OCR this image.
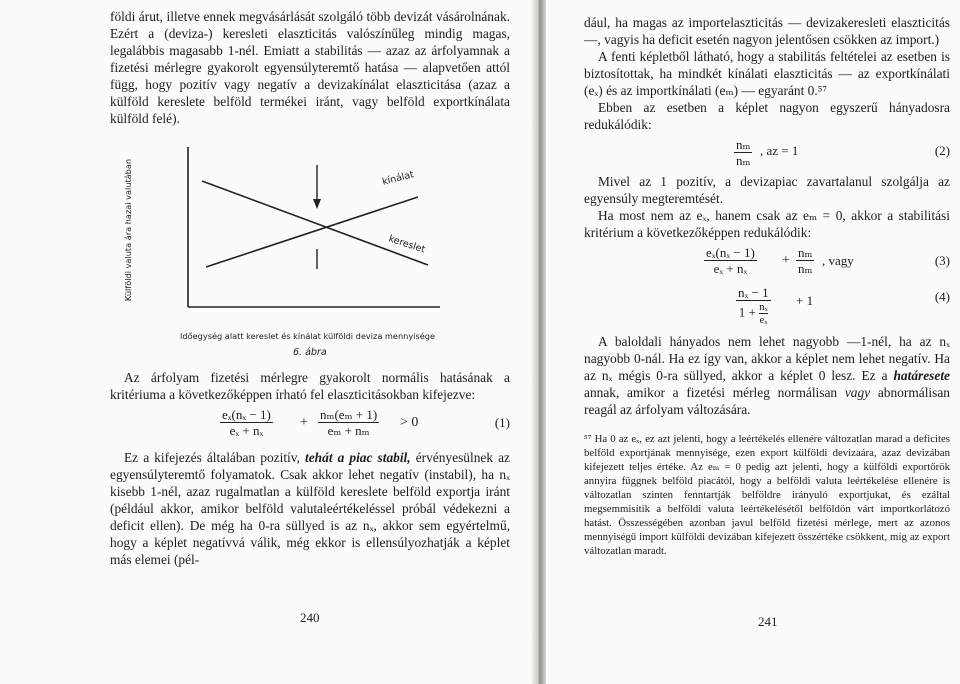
földi árut, illetve ennek megvásárlását szolgáló több devizát vásárolnának. Ezért a (deviza-) keresleti elaszticitás valószínűleg mindig magas, legalábbis magasabb 1-nél. Emiatt a stabilitás — azaz az árfolyamnak a fizetési mérlegre gyakorolt egyensúlyteremtő hatása — alapvetően attól függ, hogy pozitív vagy negatív a devizakínálat elaszticitása (azaz a külföld kereslete belföld termékei iránt, vagy belföld exportkínálata külföld felé).

Külföldi valuta ára hazai valutában	kínálat
kereslet
Időegység alatt kereslet és kínálat külföldi deviza mennyisége
6. ábra

Az árfolyam fizetési mérlegre gyakorolt normális hatásának a kritériuma a következőképpen írható fel elaszticitásokban kifejezve:

$\frac{\text{eₓ(nₓ − 1)}}{\text{eₓ + nₓ}} + \frac{\text{nₘ(eₘ + 1)}}{\text{eₘ + nₘ}} > 0$	(1)

Ez a kifejezés általában pozitív, tehát a piac stabil, érvényesülnek az egyensúlyteremtő folyamatok. Csak akkor lehet negatív (instabil), ha nₓ kisebb 1-nél, azaz rugalmatlan a külföld kereslete belföld exportja iránt (például akkor, amikor belföld valutaleértékeléssel próbál védekezni a deficit ellen). De még ha 0-ra süllyed is az nₓ, akkor sem egyértelmű, hogy a képlet negatívvá válik, még ekkor is ellensúlyozhatják a képlet más elemei (pél-

240

dául, ha magas az importelaszticitás — devizakeresleti elaszticitás —, vagyis ha deficit esetén nagyon jelentősen csökken az import.)

A fenti képletből látható, hogy a stabilitás feltételei az esetben is biztosítottak, ha mindkét kínálati elaszticitás — az exportkínálati (eₓ) és az importkínálati (eₘ) — egyaránt 0.⁵⁷

Ebben az esetben a képlet nagyon egyszerű hányadosra redukálódik:

$\frac{\text{nₘ}}{\text{nₘ}}$ , az = 1	(2)

Mivel az 1 pozitív, a devizapiac zavartalanul szolgálja az egyensúly megteremtését.

Ha most nem az eₓ, hanem csak az eₘ = 0, akkor a stabilitási kritérium a következőképpen redukálódik:

$\frac{\text{eₓ(nₓ − 1)}}{\text{eₓ + nₓ}} + \frac{\text{nₘ}}{\text{nₘ}}$ , vagy	(3)
nₓ − 1
$1 + \frac{\text{nₓ}}{\text{eₓ}}$
+ 1	(4)

A baloldali hányados nem lehet nagyobb —1-nél, ha az nₓ nagyobb 0-nál. Ha ez így van, akkor a képlet nem lehet negatív. Ha az nₓ mégis 0-ra süllyed, akkor a képlet 0 lesz. Ez a határesete annak, amikor a fizetési mérleg normálisan vagy abnormálisan reagál az árfolyam változására.

⁵⁷ Ha 0 az eₓ, ez azt jelenti, hogy a leértékelés ellenére változatlan marad a deficites belföld exportjának mennyisége, ezen export külföldi devizaára, azaz devizában kifejezett teljes értéke. Az eₘ = 0 pedig azt jelenti, hogy a külföldi exportőrök annyira függnek belföld piacától, hogy a belföldi valuta leértékelése ellenére is változatlan szinten fenntartják belföldre irányuló exportjukat, és ezáltal megsemmisítik a belföldi valuta leértékelésétől belföldön várt importkorlátozó hatást. Összességében azonban javul belföld fizetési mérlege, mert az azonos mennyiségű import külföldi devizában kifejezett összértéke csökkent, míg az export változatlan maradt.

241
